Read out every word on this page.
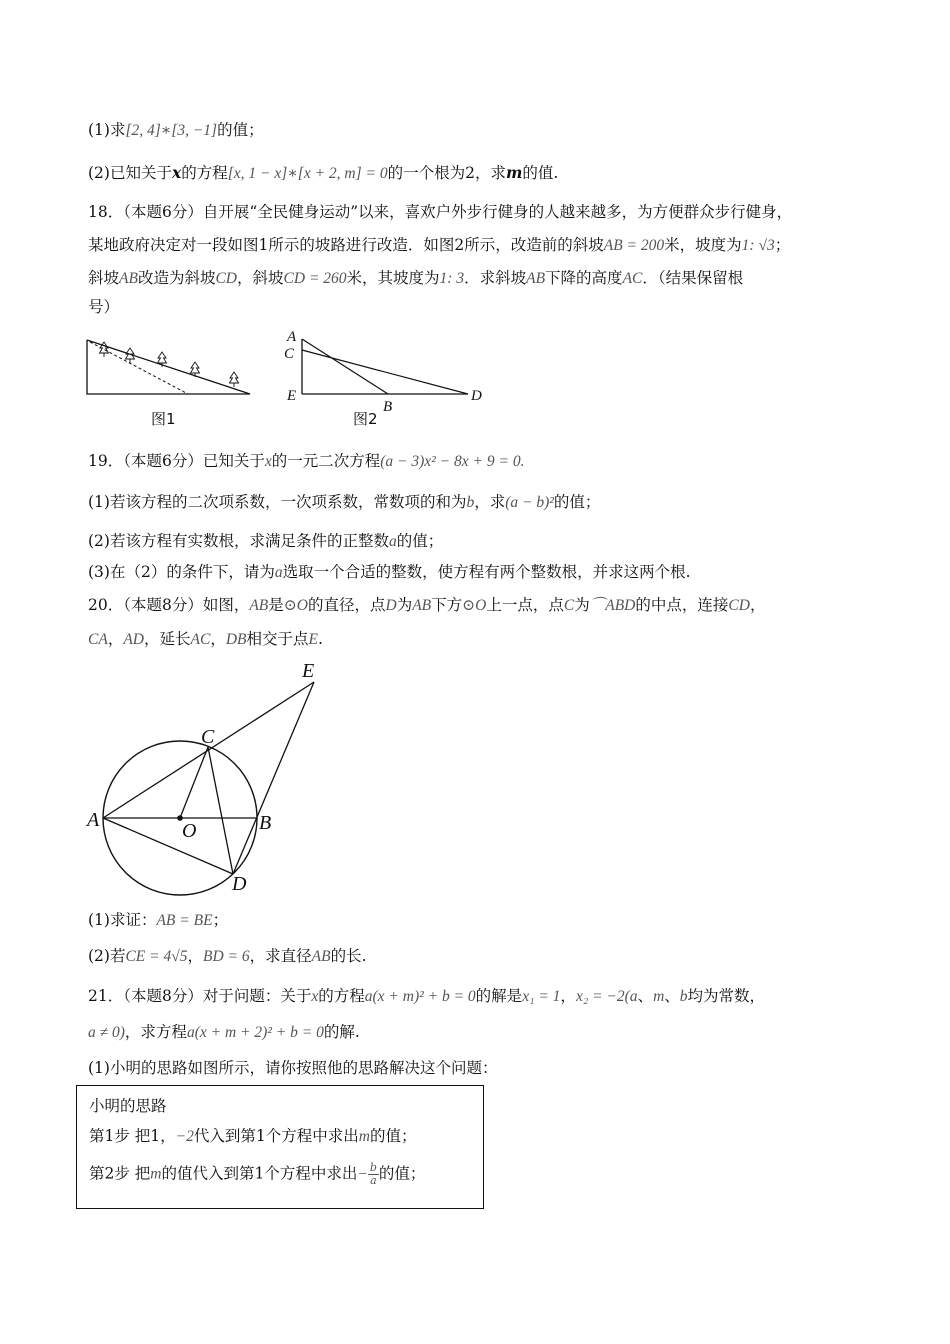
(1)求[2, 4]∗[3, −1]的值；
(2)已知关于x的方程[x, 1 − x]∗[x + 2, m] = 0的一个根为2，求m的值.
18．（本题6分）自开展“全民健身运动”以来，喜欢户外步行健身的人越来越多，为方便群众步行健身，
某地政府决定对一段如图1所示的坡路进行改造．如图2所示，改造前的斜坡AB = 200米，坡度为1: √3；
斜坡AB改造为斜坡CD，斜坡CD = 260米，其坡度为1: 3．求斜坡AB下降的高度AC．（结果保留根
号）
图1
A
C
E
B
D
图2
19．（本题6分）已知关于x的一元二次方程(a − 3)x² − 8x + 9 = 0.
(1)若该方程的二次项系数，一次项系数，常数项的和为b，求(a − b)²的值；
(2)若该方程有实数根，求满足条件的正整数a的值；
(3)在（2）的条件下，请为a选取一个合适的整数，使方程有两个整数根，并求这两个根.
20．（本题8分）如图，AB是⊙O的直径，点D为AB下方⊙O上一点，点C为⌒ABD的中点，连接CD，
CA，AD，延长AC，DB相交于点E.
E
C
A	O	B
D
(1)求证：AB = BE；
(2)若CE = 4√5，BD = 6，求直径AB的长.
21．（本题8分）对于问题：关于x的方程a(x + m)² + b = 0的解是x₁ = 1，x₂ = −2(a、m、b均为常数，
a ≠ 0)，求方程a(x + m + 2)² + b = 0的解.
(1)小明的思路如图所示，请你按照他的思路解决这个问题：
小明的思路
第1步 把1，−2代入到第1个方程中求出m的值；
第2步 把m的值代入到第1个方程中求出− $\frac{b}{a}$ 的值；
